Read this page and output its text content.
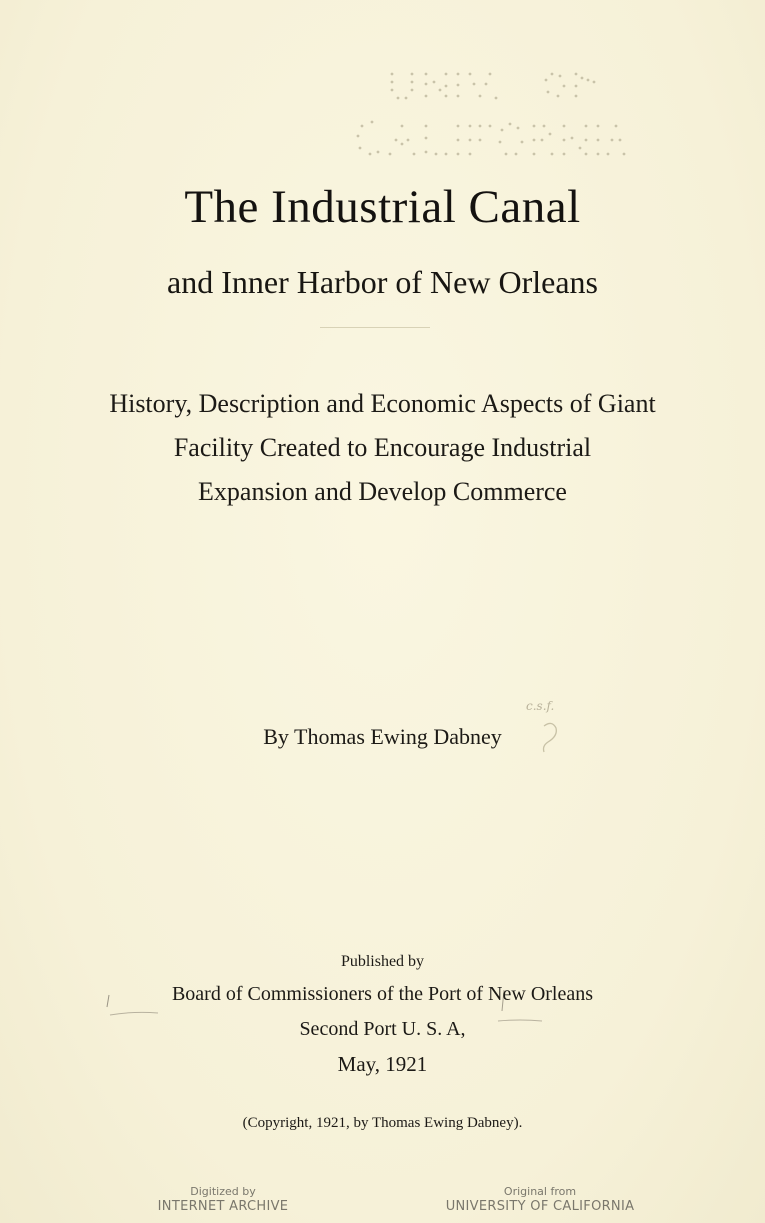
The Industrial Canal
and Inner Harbor of New Orleans
History, Description and Economic Aspects of Giant
Facility Created to Encourage Industrial
Expansion and Develop Commerce
By Thomas Ewing Dabney
c.s.f.
Published by
Board of Commissioners of the Port of New Orleans
Second Port U. S. A,
May, 1921
(Copyright, 1921, by Thomas Ewing Dabney).
Digitized by
INTERNET ARCHIVE
Original from
UNIVERSITY OF CALIFORNIA
